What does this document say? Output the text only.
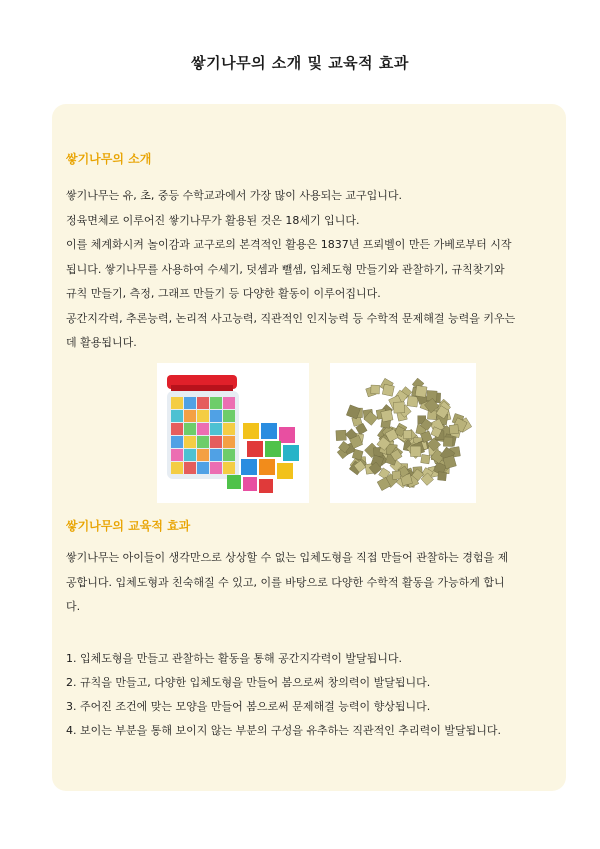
쌓기나무의 소개 및 교육적 효과
쌓기나무의 소개
쌓기나무는 유, 초, 중등 수학교과에서 가장 많이 사용되는 교구입니다.
정육면체로 이루어진 쌓기나무가 활용된 것은 18세기 입니다.
이를 체계화시켜 놀이감과 교구로의 본격적인 활용은 1837년 프뢰벨이 만든 가베로부터 시작
됩니다. 쌓기나무를 사용하여 수세기, 덧셈과 뺄셈, 입체도형 만들기와 관찰하기, 규칙찾기와
규칙 만들기, 측정, 그래프 만들기 등 다양한 활동이 이루어집니다.
공간지각력, 추론능력, 논리적 사고능력, 직관적인 인지능력 등 수학적 문제해결 능력을 키우는
데 활용됩니다.
쌓기나무의 교육적 효과
쌓기나무는 아이들이 생각만으로 상상할 수 없는 입체도형을 직접 만들어 관찰하는 경험을 제
공합니다. 입체도형과 친숙해질 수 있고, 이를 바탕으로 다양한 수학적 활동을 가능하게 합니
다.
1. 입체도형을 만들고 관찰하는 활동을 통해 공간지각력이 발달됩니다.
2. 규칙을 만들고, 다양한 입체도형을 만들어 봄으로써 창의력이 발달됩니다.
3. 주어진 조건에 맞는 모양을 만들어 봄으로써 문제해결 능력이 향상됩니다.
4. 보이는 부분을 통해 보이지 않는 부분의 구성을 유추하는 직관적인 추리력이 발달됩니다.
